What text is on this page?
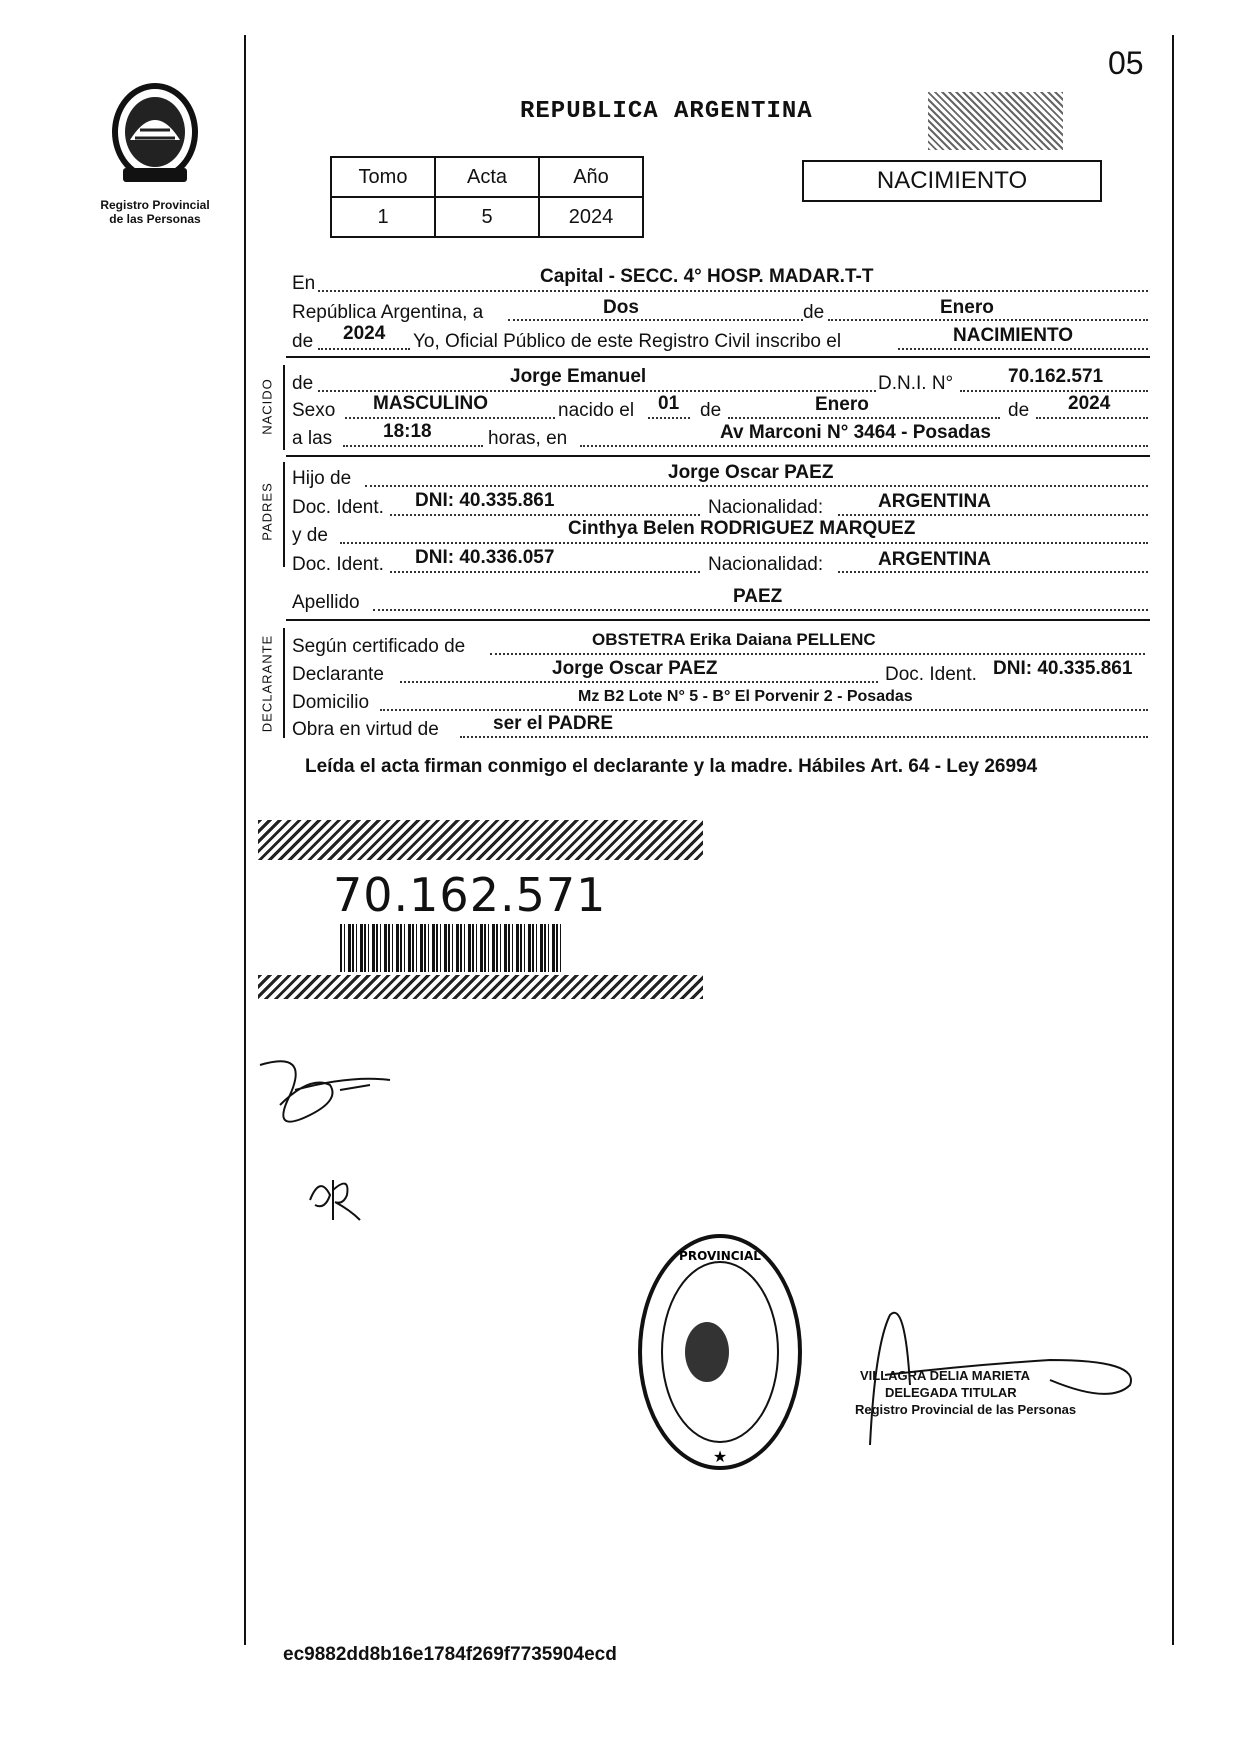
05
Registro Provincial
de las Personas
REPUBLICA ARGENTINA
Tomo	Acta	Año
1	5	2024
NACIMIENTO
En	Capital - SECC. 4° HOSP. MADAR.T-T
República Argentina, a	Dos	de	Enero
de 2024 Yo, Oficial Público de este Registro Civil inscribo el	NACIMIENTO
NACIDO de	Jorge Emanuel	D.N.I. N°	70.162.571
Sexo MASCULINO	nacido el 01 de	Enero	de 2024
a las	18:18	horas, en	Av Marconi N° 3464 - Posadas
PADRES
Hijo de	Jorge Oscar PAEZ
Doc. Ident. DNI: 40.335.861	Nacionalidad:	ARGENTINA
y de	Cinthya Belen RODRIGUEZ MARQUEZ
Doc. Ident. DNI: 40.336.057	Nacionalidad:	ARGENTINA
Apellido	PAEZ
DECLARANTE Según certificado de	OBSTETRA Erika Daiana PELLENC
Declarante	Jorge Oscar PAEZ	Doc. Ident. DNI: 40.335.861
Domicilio	Mz B2 Lote N° 5 - B° El Porvenir 2 - Posadas
Obra en virtud de	ser el PADRE
Leída el acta firman conmigo el declarante y la madre. Hábiles Art. 64 - Ley 26994
70.162.571
PROVINCIAL
★
VILLAGRA DELIA MARIETA
DELEGADA TITULAR
Registro Provincial de las Personas
ec9882dd8b16e1784f269f7735904ecd
